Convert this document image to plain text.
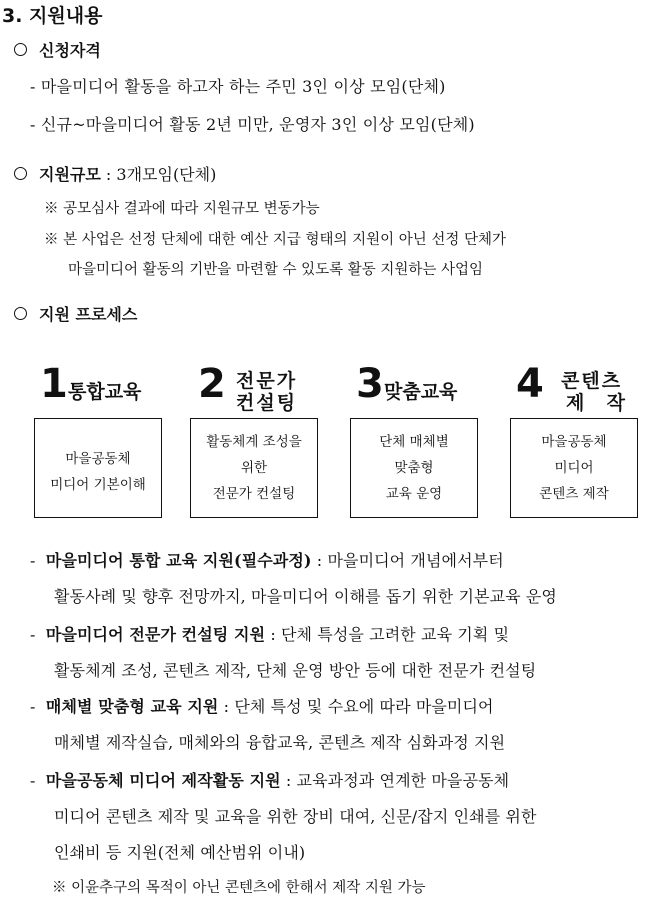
3. 지원내용
신청자격
- 마을미디어 활동을 하고자 하는 주민 3인 이상 모임(단체)
- 신규~마을미디어 활동 2년 미만, 운영자 3인 이상 모임(단체)
지원규모 : 3개모임(단체)
※ 공모심사 결과에 따라 지원규모 변동가능
※ 본 사업은 선정 단체에 대한 예산 지급 형태의 지원이 아닌 선정 단체가
마을미디어 활동의 기반을 마련할 수 있도록 활동 지원하는 사업임
지원 프로세스
1 통합교육
마을공동체
미디어 기본이해
2 전문가
컨설팅
활동체계 조성을
위한
전문가 컨설팅
3 맞춤교육
단체 매체별
맞춤형
교육 운영
4 콘텐츠
제  작
마을공동체
미디어
콘텐츠 제작
- 마을미디어 통합 교육 지원(필수과정) : 마을미디어 개념에서부터
활동사례 및 향후 전망까지, 마을미디어 이해를 돕기 위한 기본교육 운영
- 마을미디어 전문가 컨설팅 지원 : 단체 특성을 고려한 교육 기획 및
활동체계 조성, 콘텐츠 제작, 단체 운영 방안 등에 대한 전문가 컨설팅
- 매체별 맞춤형 교육 지원 : 단체 특성 및 수요에 따라 마을미디어
매체별 제작실습, 매체와의 융합교육, 콘텐츠 제작 심화과정 지원
- 마을공동체 미디어 제작활동 지원 : 교육과정과 연계한 마을공동체
미디어 콘텐츠 제작 및 교육을 위한 장비 대여, 신문/잡지 인쇄를 위한
인쇄비 등 지원(전체 예산범위 이내)
※ 이윤추구의 목적이 아닌 콘텐츠에 한해서 제작 지원 가능
